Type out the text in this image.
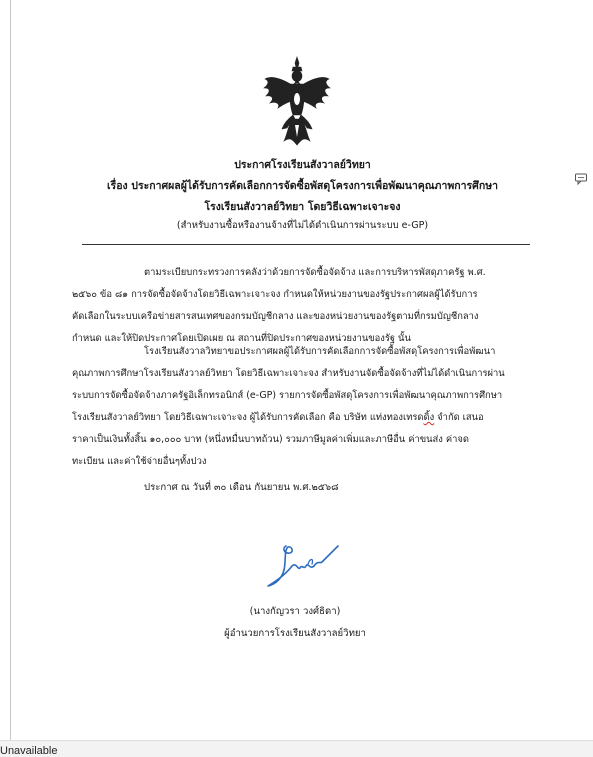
ประกาศโรงเรียนสังวาลย์วิทยา
เรื่อง ประกาศผลผู้ได้รับการคัดเลือกการจัดซื้อพัสดุโครงการเพื่อพัฒนาคุณภาพการศึกษา
โรงเรียนสังวาลย์วิทยา โดยวิธีเฉพาะเจาะจง
(สำหรับงานซื้อหรืองานจ้างที่ไม่ได้ดำเนินการผ่านระบบ e-GP)
ตามระเบียบกระทรวงการคลังว่าด้วยการจัดซื้อจัดจ้าง และการบริหารพัสดุภาครัฐ พ.ศ.
๒๕๖๐ ข้อ ๘๑ การจัดซื้อจัดจ้างโดยวิธีเฉพาะเจาะจง กำหนดให้หน่วยงานของรัฐประกาศผลผู้ได้รับการ
คัดเลือกในระบบเครือข่ายสารสนเทศของกรมบัญชีกลาง และของหน่วยงานของรัฐตามที่กรมบัญชีกลาง
กำหนด และให้ปิดประกาศโดยเปิดเผย ณ สถานที่ปิดประกาศของหน่วยงานของรัฐ นั้น
โรงเรียนสังวาลวิทยาขอประกาศผลผู้ได้รับการคัดเลือกการจัดซื้อพัสดุโครงการเพื่อพัฒนา
คุณภาพการศึกษาโรงเรียนสังวาลย์วิทยา โดยวิธีเฉพาะเจาะจง สำหรับงานจัดซื้อจัดจ้างที่ไม่ได้ดำเนินการผ่าน
ระบบการจัดซื้อจัดจ้างภาครัฐอิเล็กทรอนิกส์ (e-GP) รายการจัดซื้อพัสดุโครงการเพื่อพัฒนาคุณภาพการศึกษา
โรงเรียนสังวาลย์วิทยา โดยวิธีเฉพาะเจาะจง ผู้ได้รับการคัดเลือก คือ บริษัท แท่งทองเทรดดิ้ง จำกัด เสนอ
ราคาเป็นเงินทั้งสิ้น ๑๐,๐๐๐ บาท (หนึ่งหมื่นบาทถ้วน) รวมภาษีมูลค่าเพิ่มและภาษีอื่น ค่าขนส่ง ค่าจด
ทะเบียน และค่าใช้จ่ายอื่นๆทั้งปวง
ประกาศ ณ วันที่ ๓๐ เดือน กันยายน พ.ศ.๒๕๖๘
(นางกัญวรา วงศ์ธิดา)
ผู้อำนวยการโรงเรียนสังวาลย์วิทยา
Unavailable
